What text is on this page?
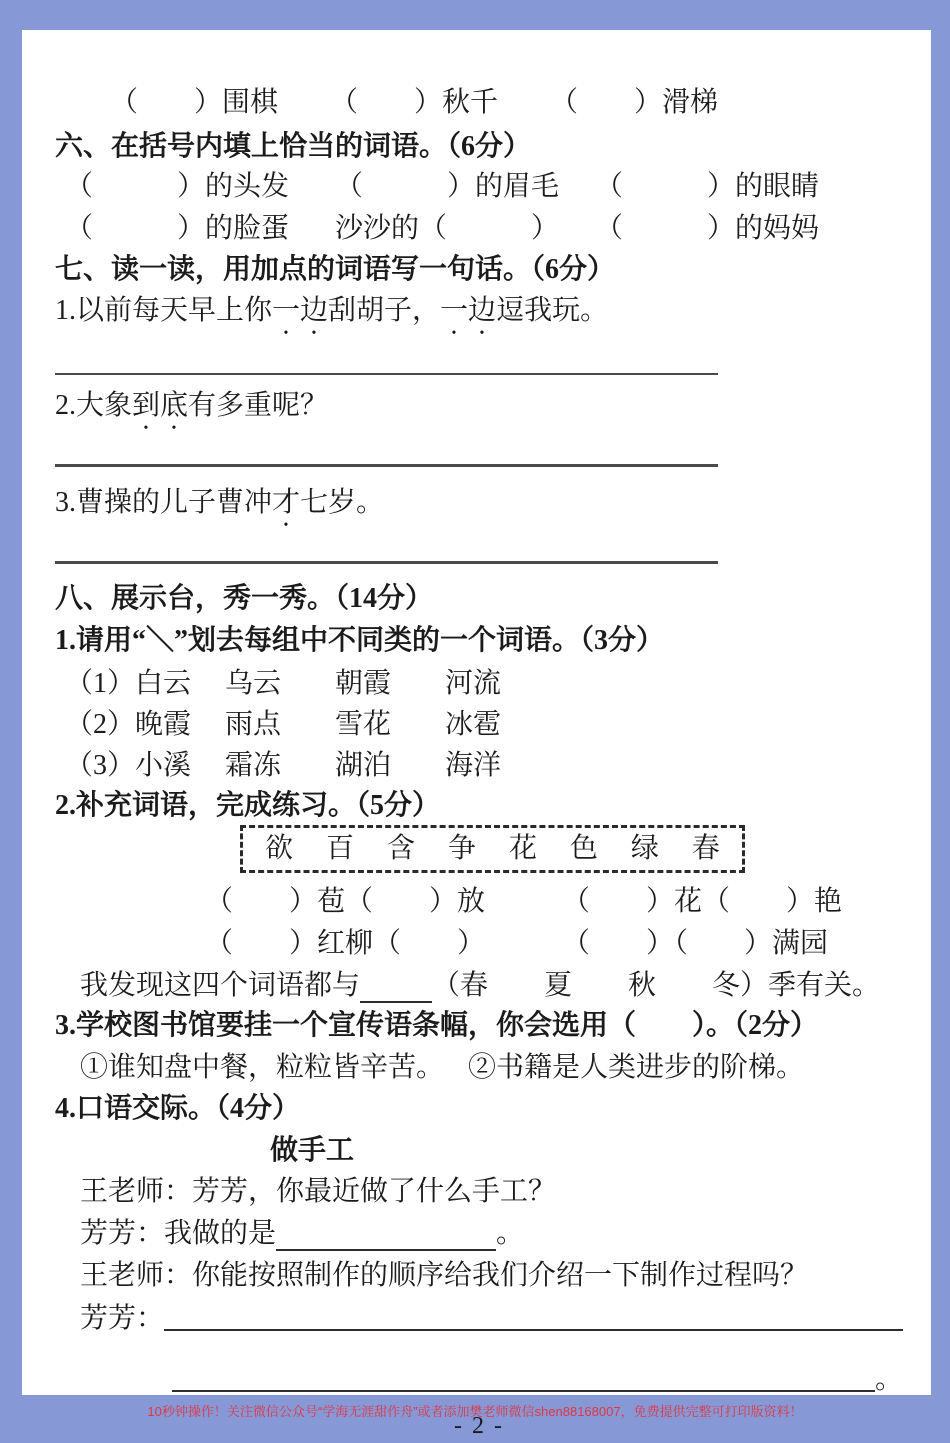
（　　）围棋 （　　）秋千 （　　）滑梯
六、在括号内填上恰当的词语。（6分）
（　　　）的头发	（　　　）的眉毛	（　　　）的眼睛
（　　　）的脸蛋	沙沙的（　　　）	（　　　）的妈妈
七、读一读，用加点的词语写一句话。（6分）
1.以前每天早上你一边刮胡子，一边逗我玩。
2.大象到底有多重呢？
3.曹操的儿子曹冲才七岁。
八、展示台，秀一秀。（14分）
1.请用“＼”划去每组中不同类的一个词语。（3分）
（1）白云	乌云	朝霞	河流
（2）晚霞	雨点	雪花	冰雹
（3）小溪	霜冻	湖泊	海洋
2.补充词语，完成练习。（5分）
欲 百 含 争 花 色 绿 春
（　　）苞（　　）放	（　　）花（　　）艳
（　　）红柳（　　）	（　　）（　　）满园
我发现这四个词语都与	（春　　夏　　秋　　冬）季有关。
3.学校图书馆要挂一个宣传语条幅，你会选用（　　）。（2分）
①谁知盘中餐，粒粒皆辛苦。 ②书籍是人类进步的阶梯。
4.口语交际。（4分）
做手工
王老师：芳芳，你最近做了什么手工？
芳芳：我做的是	。
王老师：你能按照制作的顺序给我们介绍一下制作过程吗？
芳芳：
。
- 2 -
10秒钟操作！关注微信公众号“学海无涯甜作舟”或者添加樊老师微信shen88168007，免费提供完整可打印版资料！
